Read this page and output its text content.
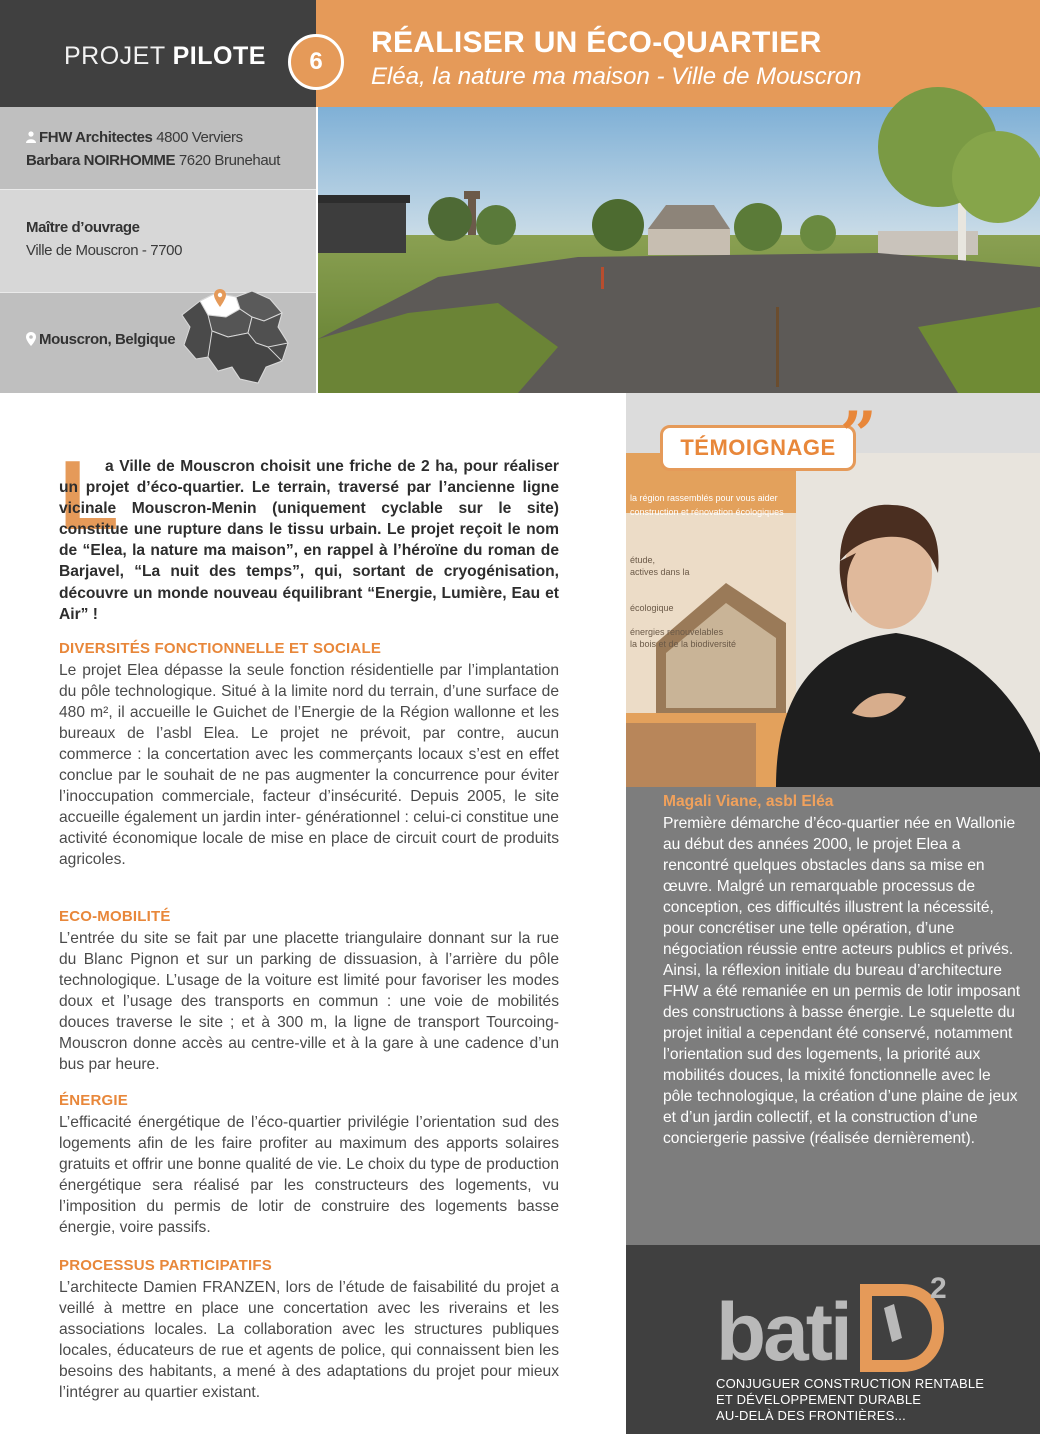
PROJET PILOTE	6
RÉALISER UN ÉCO-QUARTIER
Eléa, la nature ma maison - Ville de Mouscron
FHW Architectes 4800 Verviers
Barbara NOIRHOMME 7620 Brunehaut
Maître d’ouvrage
Ville de Mouscron - 7700
Mouscron, Belgique
L
a Ville de Mouscron choisit une friche de 2 ha, pour réaliser un projet d’éco-quartier. Le terrain, traversé par l’ancienne ligne vicinale Mouscron-Menin (uniquement cyclable sur le site) constitue une rupture dans le tissu urbain. Le projet reçoit le nom de “Elea, la nature ma maison”, en rappel à l’héroïne du roman de Barjavel, “La nuit des temps”, qui, sortant de cryogénisation, découvre un monde nouveau équilibrant “Energie, Lumière, Eau et Air” !
DIVERSITÉS FONCTIONNELLE ET SOCIALE
Le projet Elea dépasse la seule fonction résidentielle par l’implantation du pôle technologique. Situé à la limite nord du terrain, d’une surface de 480 m², il accueille le Guichet de l’Energie de la Région wallonne et les bureaux de l’asbl Elea. Le projet ne prévoit, par contre, aucun commerce : la concertation avec les commerçants locaux s’est en effet conclue par le souhait de ne pas augmenter la concurrence pour éviter l’inoccupation commerciale, facteur d’insécurité. Depuis 2005, le site accueille également un jardin inter- générationnel : celui-ci constitue une activité économique locale de mise en place de circuit court de produits agricoles.
ECO-MOBILITÉ
L’entrée du site se fait par une placette triangulaire donnant sur la rue du Blanc Pignon et sur un parking de dissuasion, à l’arrière du pôle technologique. L’usage de la voiture est limité pour favoriser les modes doux et l’usage des transports en commun : une voie de mobilités douces traverse le site ; et à 300 m, la ligne de transport Tourcoing-Mouscron donne accès au centre-ville et à la gare à une cadence d’un bus par heure.
ÉNERGIE
L’efficacité énergétique de l’éco-quartier privilégie l’orientation sud des logements afin de les faire profiter au maximum des apports solaires gratuits et offrir une bonne qualité de vie. Le choix du type de production énergétique sera réalisé par les constructeurs des logements, vu l’imposition du permis de lotir de construire des logements basse énergie, voire passifs.
PROCESSUS PARTICIPATIFS
L’architecte Damien FRANZEN, lors de l’étude de faisabilité du projet a veillé à mettre en place une concertation avec les riverains et les associations locales. La collaboration avec les structures publiques locales, éducateurs de rue et agents de police, qui connaissent bien les besoins des habitants, a mené à des adaptations du projet pour mieux l’intégrer au quartier existant.
la région rassemblés pour vous aider
construction et rénovation écologiques
étude,
actives dans la
écologique
énergies renouvelables
la bois et de la biodiversité
TÉMOIGNAGE ”
Magali Viane, asbl Eléa
Première démarche d’éco-quartier née en Wallonie au début des années 2000, le projet Elea a rencontré quelques obstacles dans sa mise en œuvre. Malgré un remarquable processus de conception, ces difficultés illustrent la nécessité, pour concrétiser une telle opération, d’une négociation réussie entre acteurs publics et privés. Ainsi, la réflexion initiale du bureau d’architecture FHW a été remaniée en un permis de lotir imposant des constructions à basse énergie. Le squelette du projet initial a cependant été conservé, notamment l’orientation sud des logements, la priorité aux mobilités douces, la mixité fonctionnelle avec le pôle technologique, la création d’une plaine de jeux et d’un jardin collectif, et la construction d’une conciergerie passive (réalisée dernièrement).
bati	2
CONJUGUER CONSTRUCTION RENTABLE
ET DÉVELOPPEMENT DURABLE
AU-DELÀ DES FRONTIÈRES...
